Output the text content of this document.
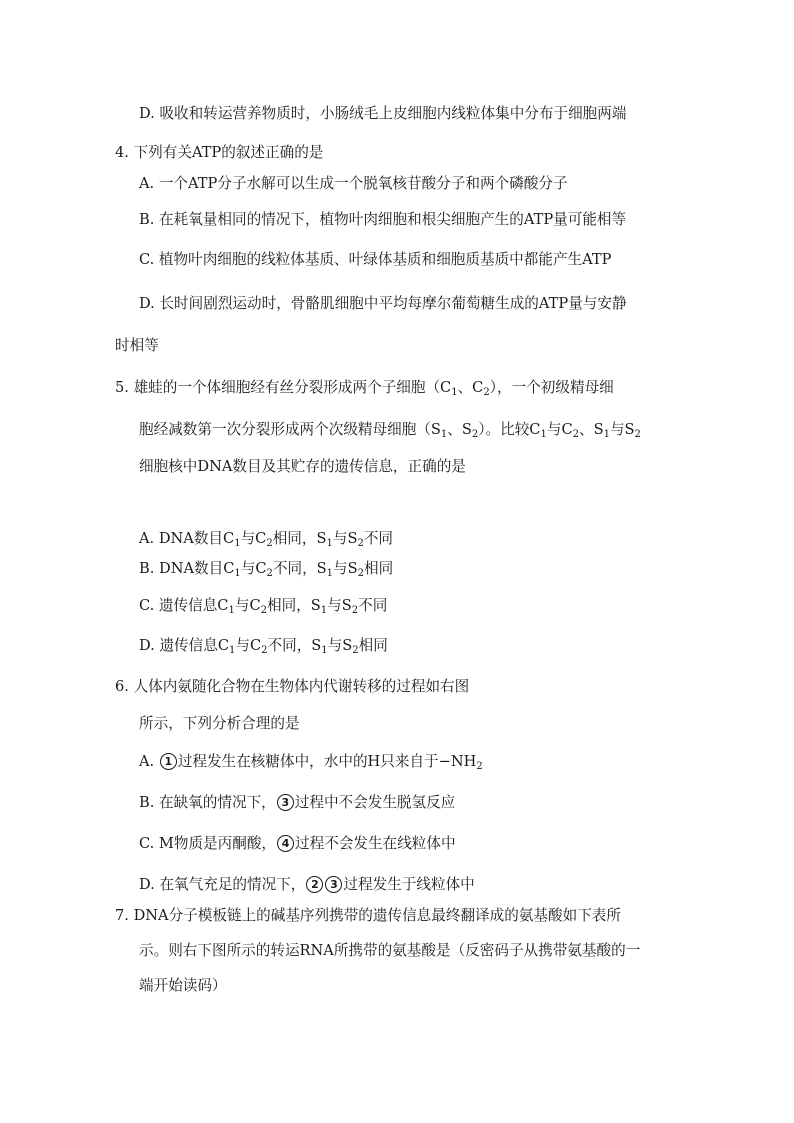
D. 吸收和转运营养物质时，小肠绒毛上皮细胞内线粒体集中分布于细胞两端
4. 下列有关ATP的叙述正确的是
A. 一个ATP分子水解可以生成一个脱氧核苷酸分子和两个磷酸分子
B. 在耗氧量相同的情况下，植物叶肉细胞和根尖细胞产生的ATP量可能相等
C. 植物叶肉细胞的线粒体基质、叶绿体基质和细胞质基质中都能产生ATP
D. 长时间剧烈运动时，骨骼肌细胞中平均每摩尔葡萄糖生成的ATP量与安静
时相等
5. 雄蛙的一个体细胞经有丝分裂形成两个子细胞（$C_1$、$C_2$），一个初级精母细
胞经减数第一次分裂形成两个次级精母细胞（$S_1$、$S_2$）。比较$C_1$与$C_2$、$S_1$与$S_2$
细胞核中DNA数目及其贮存的遗传信息，正确的是
A. DNA数目$C_1$与$C_2$相同，$S_1$与$S_2$不同
B. DNA数目$C_1$与$C_2$不同，$S_1$与$S_2$相同
C. 遗传信息$C_1$与$C_2$相同，$S_1$与$S_2$不同
D. 遗传信息$C_1$与$C_2$不同，$S_1$与$S_2$相同
6. 人体内氨随化合物在生物体内代谢转移的过程如右图
所示，下列分析合理的是
A. 1 过程发生在核糖体中，水中的H只来自于$-NH_2$
B. 在缺氧的情况下， 3 过程中不会发生脱氢反应
C. M物质是丙酮酸， 4 过程不会发生在线粒体中
D. 在氧气充足的情况下， 2 3 过程发生于线粒体中
7. DNA分子模板链上的碱基序列携带的遗传信息最终翻译成的氨基酸如下表所
示。则右下图所示的转运RNA所携带的氨基酸是（反密码子从携带氨基酸的一
端开始读码）
